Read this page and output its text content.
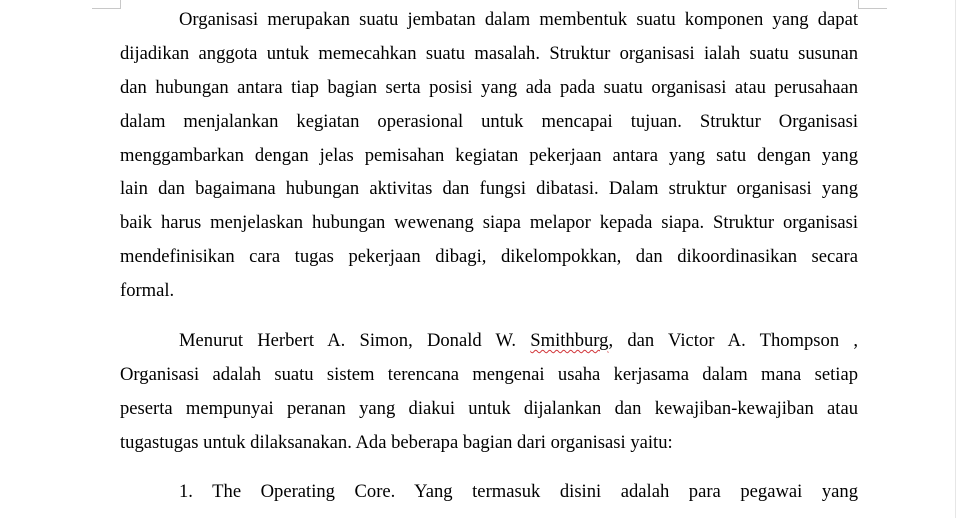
Organisasi merupakan suatu jembatan dalam membentuk suatu komponen yang dapat
dijadikan anggota untuk memecahkan suatu masalah. Struktur organisasi ialah suatu susunan
dan hubungan antara tiap bagian serta posisi yang ada pada suatu organisasi atau perusahaan
dalam menjalankan kegiatan operasional untuk mencapai tujuan. Struktur Organisasi
menggambarkan dengan jelas pemisahan kegiatan pekerjaan antara yang satu dengan yang
lain dan bagaimana hubungan aktivitas dan fungsi dibatasi. Dalam struktur organisasi yang
baik harus menjelaskan hubungan wewenang siapa melapor kepada siapa. Struktur organisasi
mendefinisikan cara tugas pekerjaan dibagi, dikelompokkan, dan dikoordinasikan secara
formal.
Menurut Herbert A. Simon, Donald W. Smithburg, dan Victor A. Thompson ,
Organisasi adalah suatu sistem terencana mengenai usaha kerjasama dalam mana setiap
peserta mempunyai peranan yang diakui untuk dijalankan dan kewajiban-kewajiban atau
tugastugas untuk dilaksanakan. Ada beberapa bagian dari organisasi yaitu:

1. The Operating Core. Yang termasuk disini adalah para pegawai yang
